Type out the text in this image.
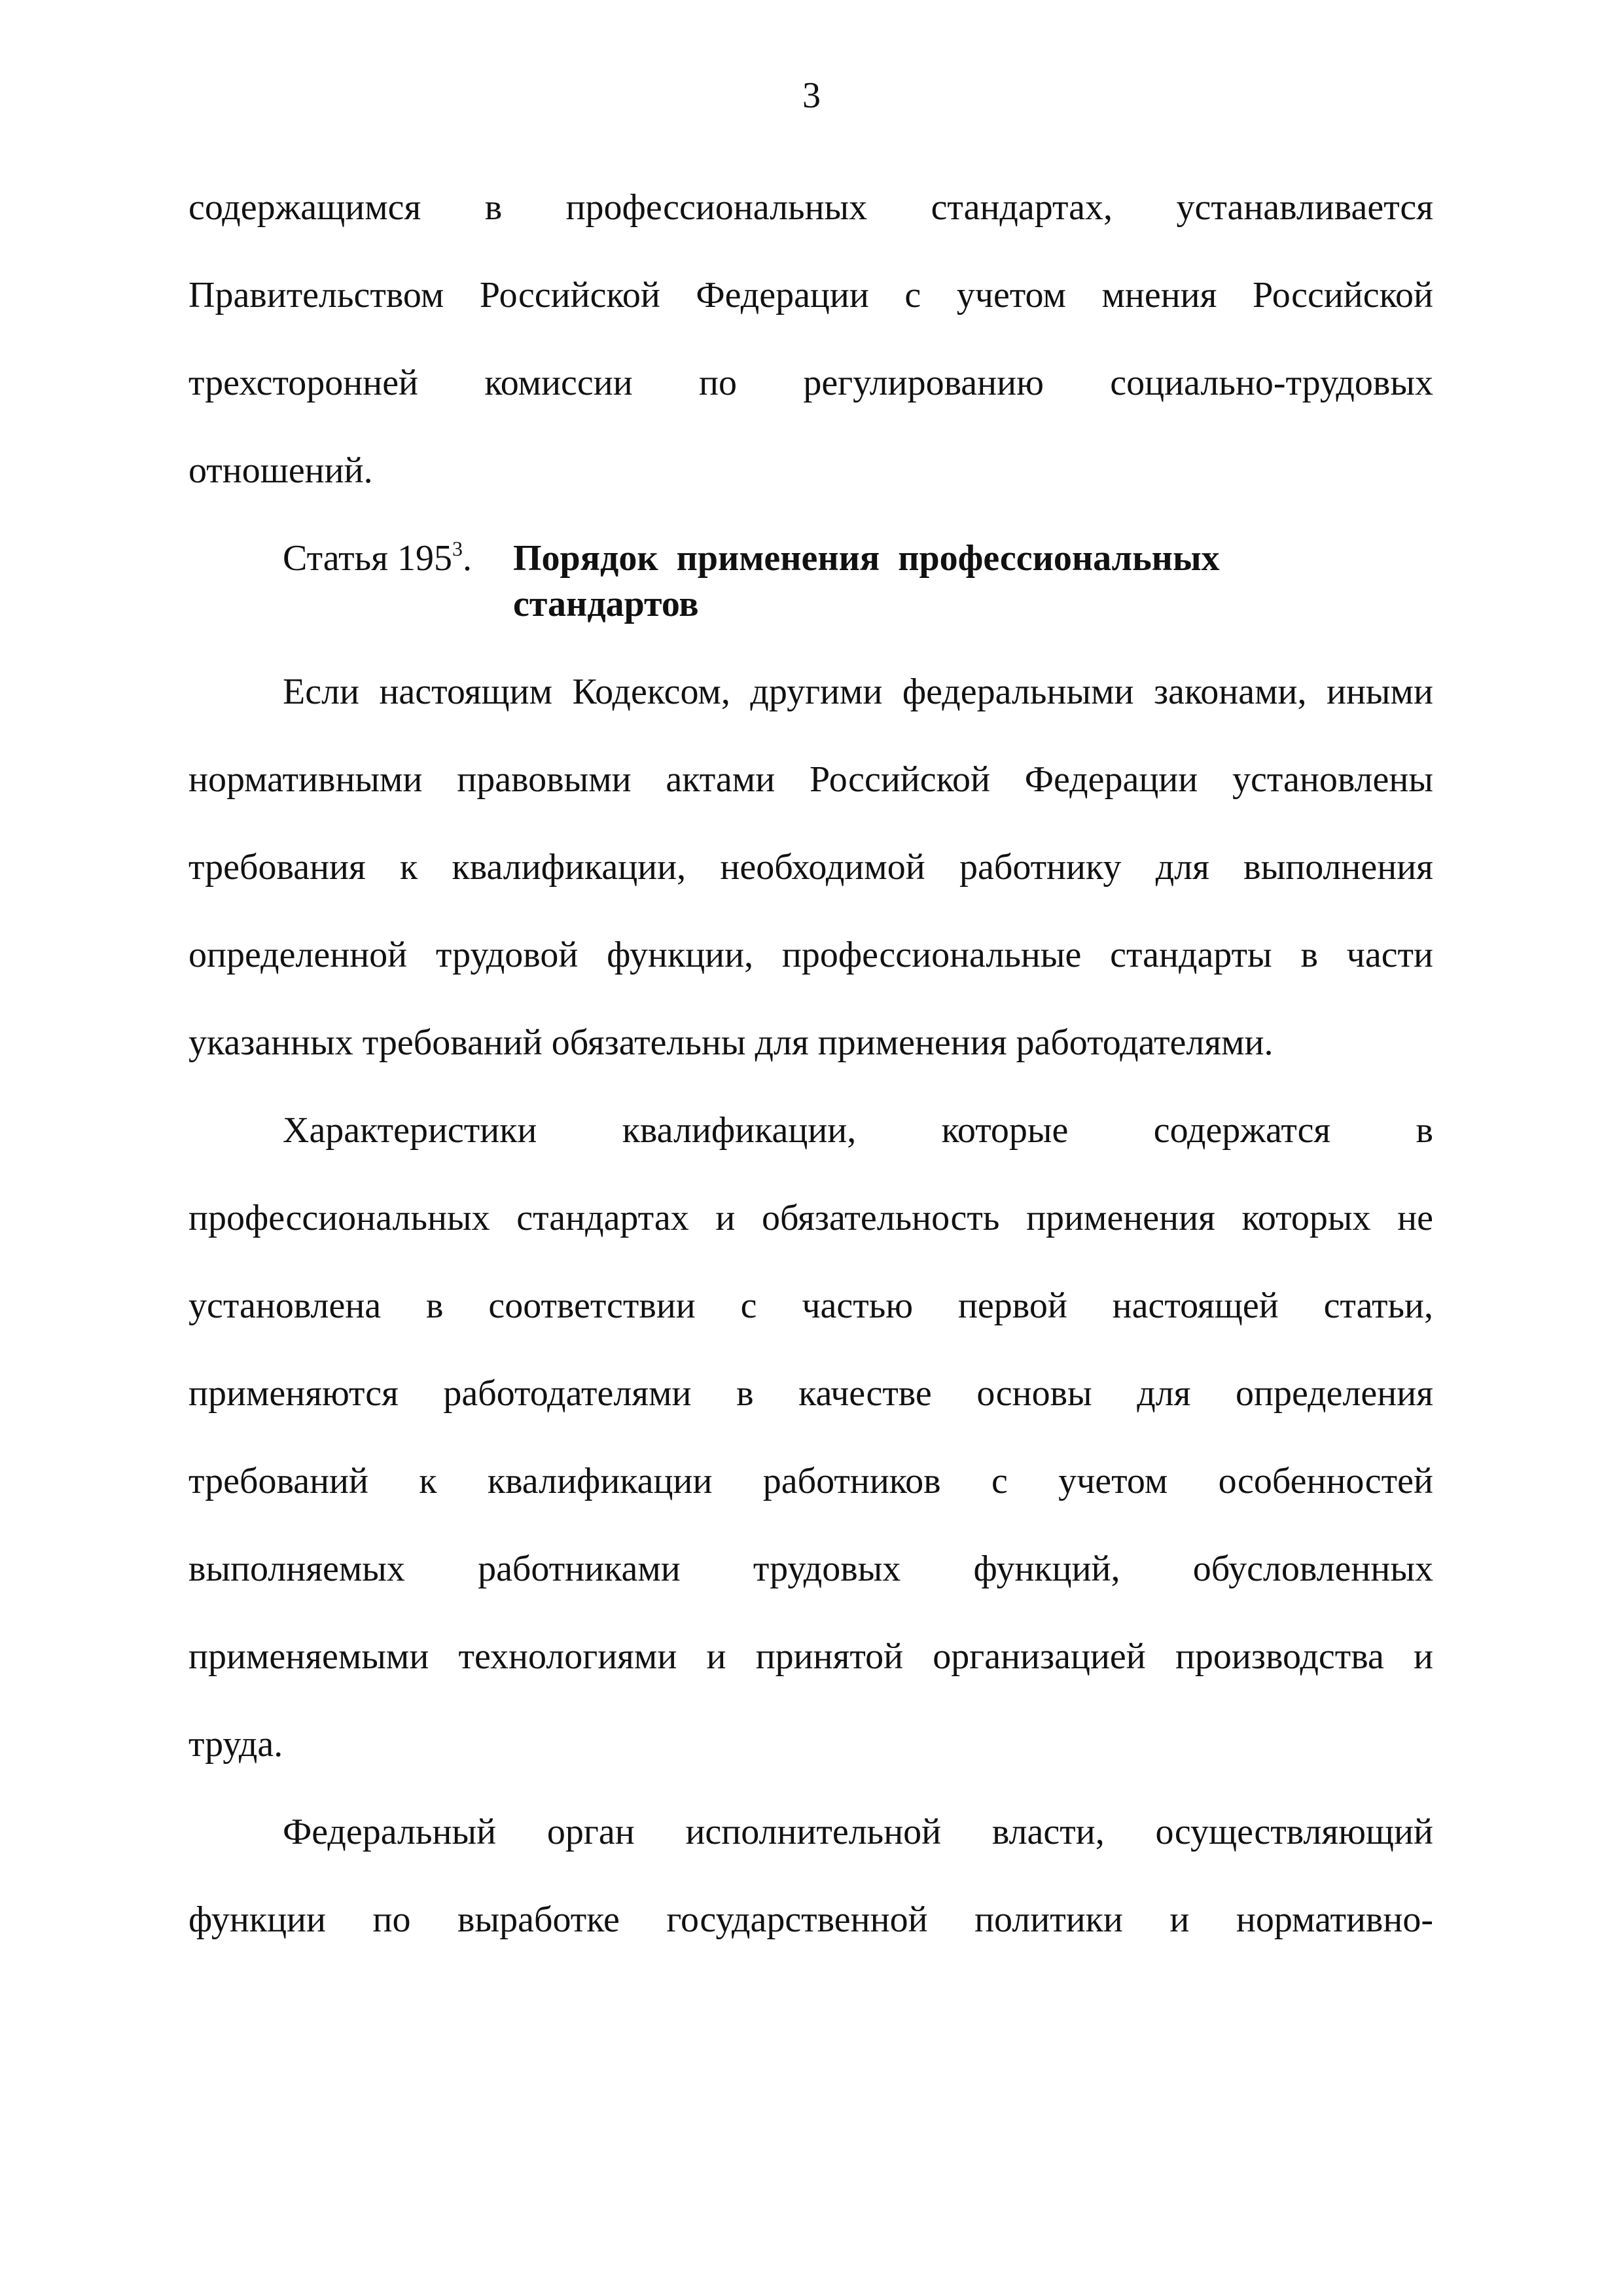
3
содержащимся в профессиональных стандартах, устанавливается
Правительством Российской Федерации с учетом мнения Российской
трехсторонней комиссии по регулированию социально-трудовых
отношений.
Статья $195^3$. Порядок применения профессиональных
стандартов
Если настоящим Кодексом, другими федеральными законами, иными
нормативными правовыми актами Российской Федерации установлены
требования к квалификации, необходимой работнику для выполнения
определенной трудовой функции, профессиональные стандарты в части
указанных требований обязательны для применения работодателями.
Характеристики квалификации, которые содержатся в
профессиональных стандартах и обязательность применения которых не
установлена в соответствии с частью первой настоящей статьи,
применяются работодателями в качестве основы для определения
требований к квалификации работников с учетом особенностей
выполняемых работниками трудовых функций, обусловленных
применяемыми технологиями и принятой организацией производства и
труда.
Федеральный орган исполнительной власти, осуществляющий
функции по выработке государственной политики и нормативно-
